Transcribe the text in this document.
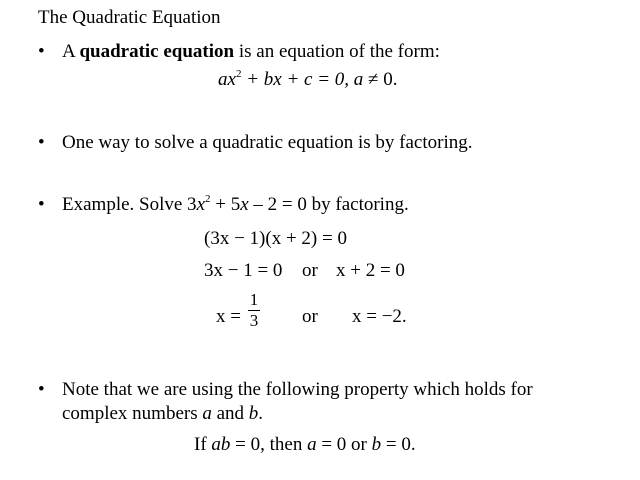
The Quadratic Equation
• A quadratic equation is an equation of the form:
$ax^2$ + bx + c = 0, a ≠ 0.
• One way to solve a quadratic equation is by factoring.
• Example. Solve $3x^2 + 5x - 2 = 0$ by factoring.
(3x − 1)(x + 2) = 0
3x − 1 = 0 or x + 2 = 0
x =
1
3 or x = −2.
• Note that we are using the following property which holds for
complex numbers a and b.
If ab = 0, then a = 0 or b = 0.
